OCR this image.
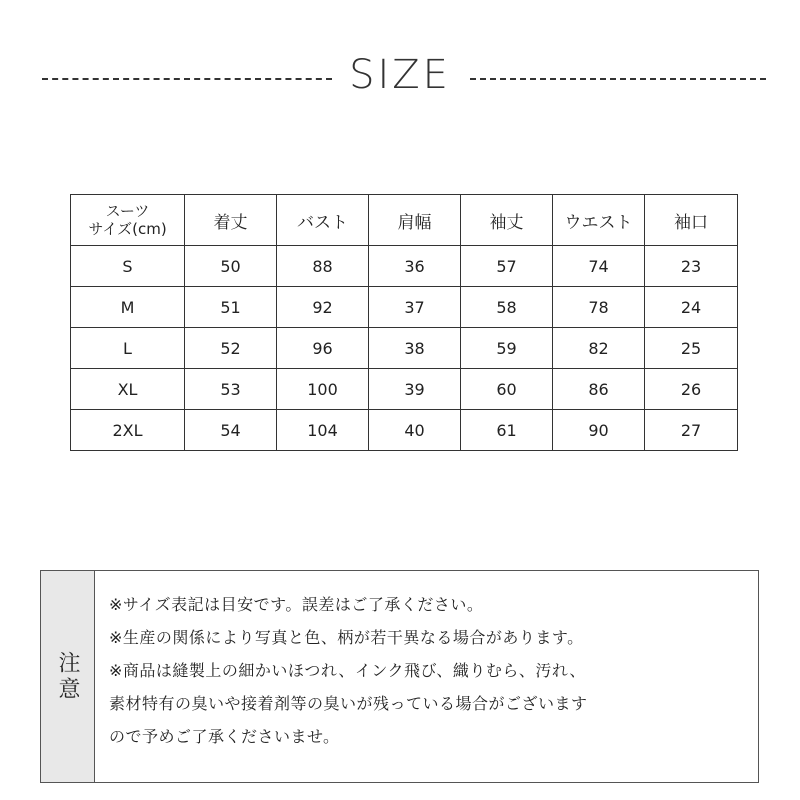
SIZE
スーツ
サイズ(cm)	着丈	バスト	肩幅	袖丈	ウエスト	袖口
S	50	88	36	57	74	23
M	51	92	37	58	78	24
L	52	96	38	59	82	25
XL	53	100	39	60	86	26
2XL	54	104	40	61	90	27
注意
※サイズ表記は目安です。誤差はご了承ください。
※生産の関係により写真と色、柄が若干異なる場合があります。
※商品は縫製上の細かいほつれ、インク飛び、織りむら、汚れ、
素材特有の臭いや接着剤等の臭いが残っている場合がございます
ので予めご了承くださいませ。
